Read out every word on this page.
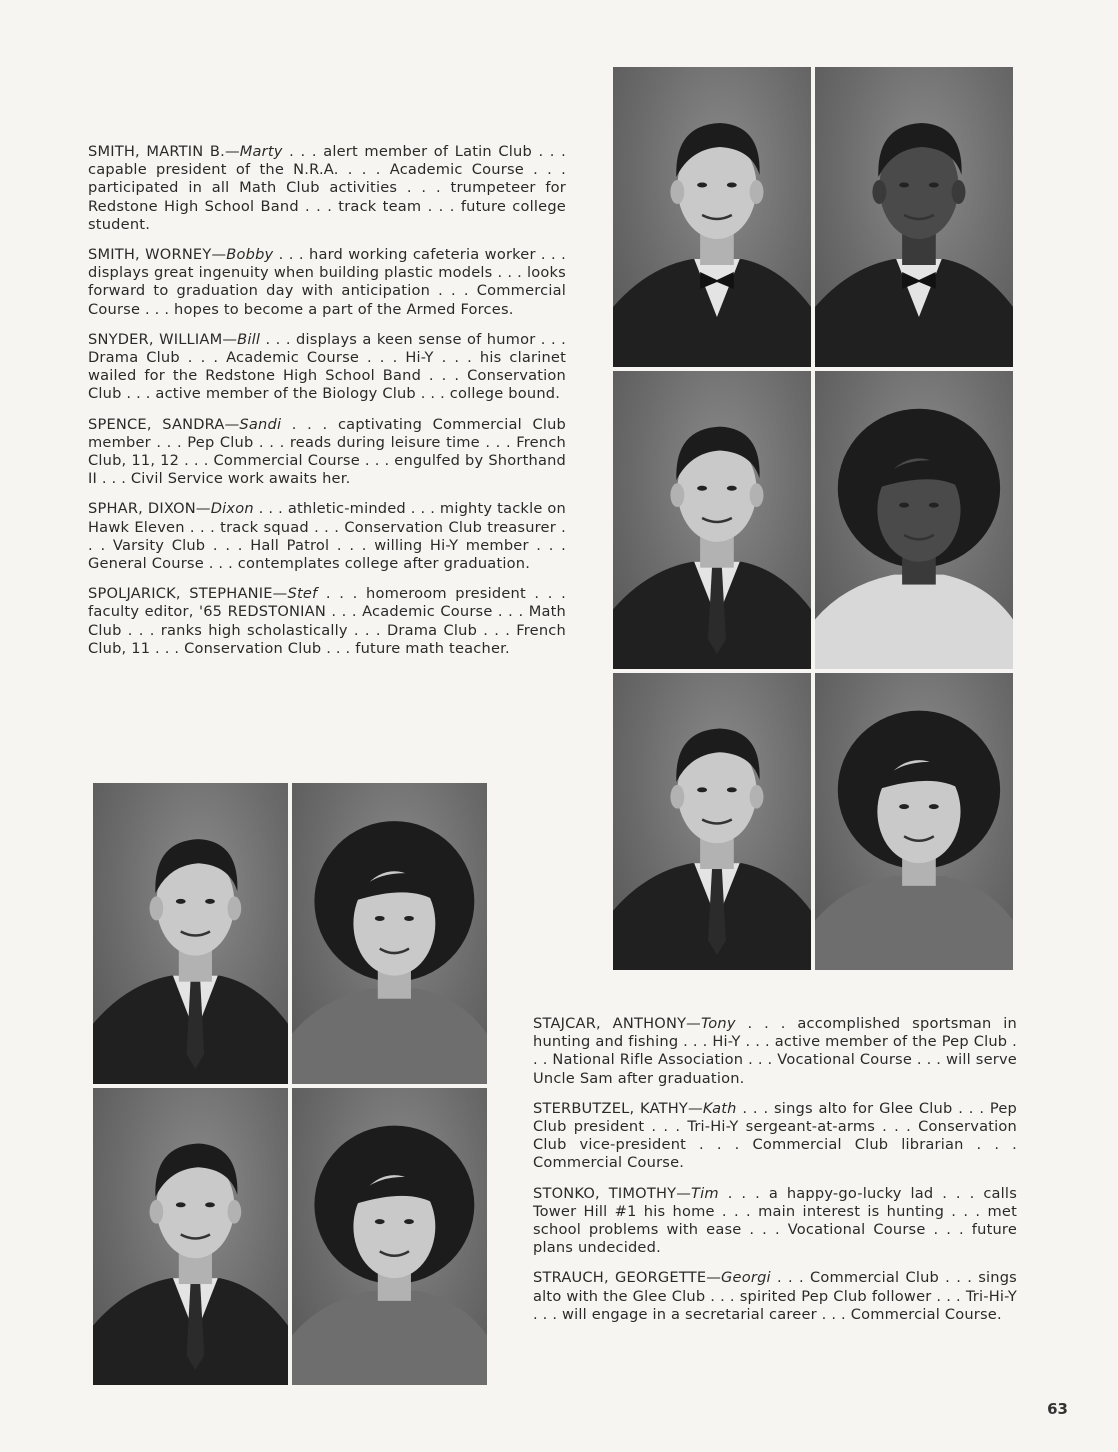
SMITH, MARTIN B.—Marty . . . alert member of Latin Club . . . capable president of the N.R.A. . . . Academic Course . . . participated in all Math Club activities . . . trumpeteer for Redstone High School Band . . . track team . . . future college student.

SMITH, WORNEY—Bobby . . . hard working cafeteria worker . . . displays great ingenuity when building plastic models . . . looks forward to graduation day with anticipation . . . Commercial Course . . . hopes to become a part of the Armed Forces.

SNYDER, WILLIAM—Bill . . . displays a keen sense of humor . . . Drama Club . . . Academic Course . . . Hi-Y . . . his clarinet wailed for the Redstone High School Band . . . Conservation Club . . . active member of the Biology Club . . . college bound.

SPENCE, SANDRA—Sandi . . . captivating Commercial Club member . . . Pep Club . . . reads during leisure time . . . French Club, 11, 12 . . . Commercial Course . . . engulfed by Shorthand II . . . Civil Service work awaits her.

SPHAR, DIXON—Dixon . . . athletic-minded . . . mighty tackle on Hawk Eleven . . . track squad . . . Conservation Club treasurer . . . Varsity Club . . . Hall Patrol . . . willing Hi-Y member . . . General Course . . . contemplates college after graduation.

SPOLJARICK, STEPHANIE—Stef . . . homeroom president . . . faculty editor, '65 REDSTONIAN . . . Academic Course . . . Math Club . . . ranks high scholastically . . . Drama Club . . . French Club, 11 . . . Conservation Club . . . future math teacher.

STAJCAR, ANTHONY—Tony . . . accomplished sportsman in hunting and fishing . . . Hi-Y . . . active member of the Pep Club . . . National Rifle Association . . . Vocational Course . . . will serve Uncle Sam after graduation.

STERBUTZEL, KATHY—Kath . . . sings alto for Glee Club . . . Pep Club president . . . Tri-Hi-Y sergeant-at-arms . . . Conservation Club vice-president . . . Commercial Club librarian . . . Commercial Course.

STONKO, TIMOTHY—Tim . . . a happy-go-lucky lad . . . calls Tower Hill #1 his home . . . main interest is hunting . . . met school problems with ease . . . Vocational Course . . . future plans undecided.

STRAUCH, GEORGETTE—Georgi . . . Commercial Club . . . sings alto with the Glee Club . . . spirited Pep Club follower . . . Tri-Hi-Y . . . will engage in a secretarial career . . . Commercial Course.

63
